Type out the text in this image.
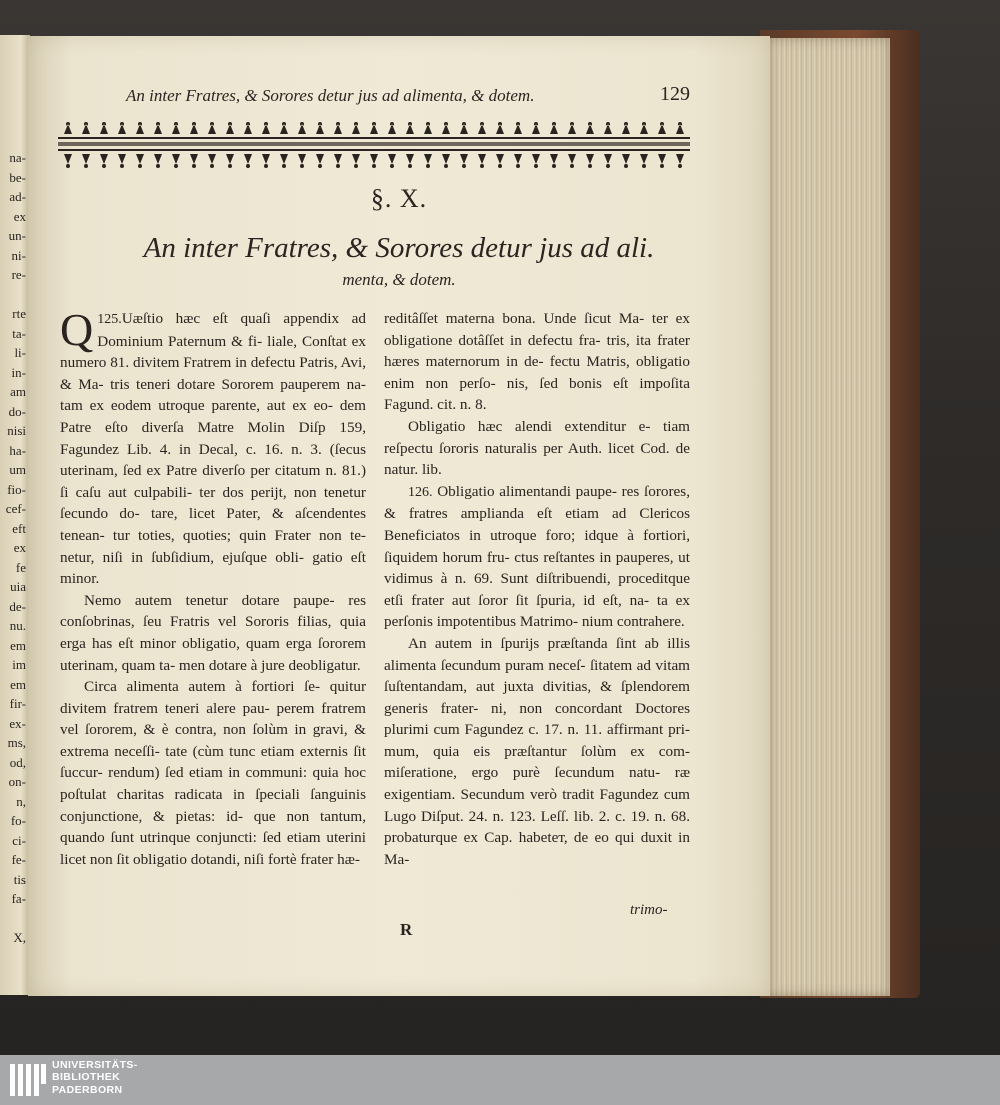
na-
be-
ad-
ex
un-
ni-
re-

rte
ta-
li-
in-
am
do-
nisi
ha-
um
fio-
cef-
eft
ex
fe
uia
de-
nu.
em
im
em
fir-
ex-
ms,
od,
on-
n,
fo-
ci-
fe-
tis
fa-

X,
An inter Fratres, & Sorores detur jus ad alimenta, & dotem.	129
§. X.
An inter Fratres, & Sorores detur jus ad ali.
menta, & dotem.

125.
Q Uæſtio hæc eſt quaſi appendix ad Dominium Paternum & fi- liale, Conſtat ex numero 81. divitem Fratrem in defectu Patris, Avi, & Ma- tris teneri dotare Sororem pauperem na- tam ex eodem utroque parente, aut ex eo- dem Patre eſto diverſa Matre Molin Diſp 159, Fagundez Lib. 4. in Decal, c. 16. n. 3. (ſecus uterinam, ſed ex Patre diverſo per citatum n. 81.) ſi caſu aut culpabili- ter dos perijt, non tenetur ſecundo do- tare, licet Pater, & aſcendentes tenean- tur toties, quoties; quin Frater non te- netur, niſi in ſubſidium, ejuſque obli- gatio eſt minor.

Nemo autem tenetur dotare paupe- res conſobrinas, ſeu Fratris vel Sororis filias, quia erga has eſt minor obligatio, quam erga ſororem uterinam, quam ta- men dotare à jure deobligatur.

Circa alimenta autem à fortiori ſe- quitur divitem fratrem teneri alere pau- perem fratrem vel ſororem, & è contra, non ſolùm in gravi, & extrema neceſſi- tate (cùm tunc etiam externis ſit ſuccur- rendum) ſed etiam in communi: quia hoc poſtulat charitas radicata in ſpeciali ſanguinis conjunctione, & pietas: id- que non tantum, quando ſunt utrinque conjuncti: ſed etiam uterini licet non ſit obligatio dotandi, niſi fortè frater hæ-

reditâſſet materna bona. Unde ſicut Ma- ter ex obligatione dotâſſet in defectu fra- tris, ita frater hæres maternorum in de- fectu Matris, obligatio enim non perſo- nis, ſed bonis eſt impoſita Fagund. cit. n. 8.

Obligatio hæc alendi extenditur e- tiam reſpectu ſororis naturalis per Auth. licet Cod. de natur. lib.

126. Obligatio alimentandi paupe- res ſorores, & fratres amplianda eſt etiam ad Clericos Beneficiatos in utroque foro; idque à fortiori, ſiquidem horum fru- ctus reſtantes in pauperes, ut vidimus à n. 69. Sunt diſtribuendi, proceditque etſi frater aut ſoror ſit ſpuria, id eſt, na- ta ex perſonis impotentibus Matrimo- nium contrahere.

An autem in ſpurijs præſtanda ſint ab illis alimenta ſecundum puram neceſ- ſitatem ad vitam ſuſtentandam, aut juxta divitias, & ſplendorem generis frater- ni, non concordant Doctores plurimi cum Fagundez c. 17. n. 11. affirmant pri- mum, quia eis præſtantur ſolùm ex com- miſeratione, ergo purè ſecundum natu- ræ exigentiam. Secundum verò tradit Fagundez cum Lugo Diſput. 24. n. 123. Leſſ. lib. 2. c. 19. n. 68. probaturque ex Cap. habeteт, de eo qui duxit in Ma-

trimo-
R
UNIVERSITÄTS-
BIBLIOTHEK
PADERBORN
